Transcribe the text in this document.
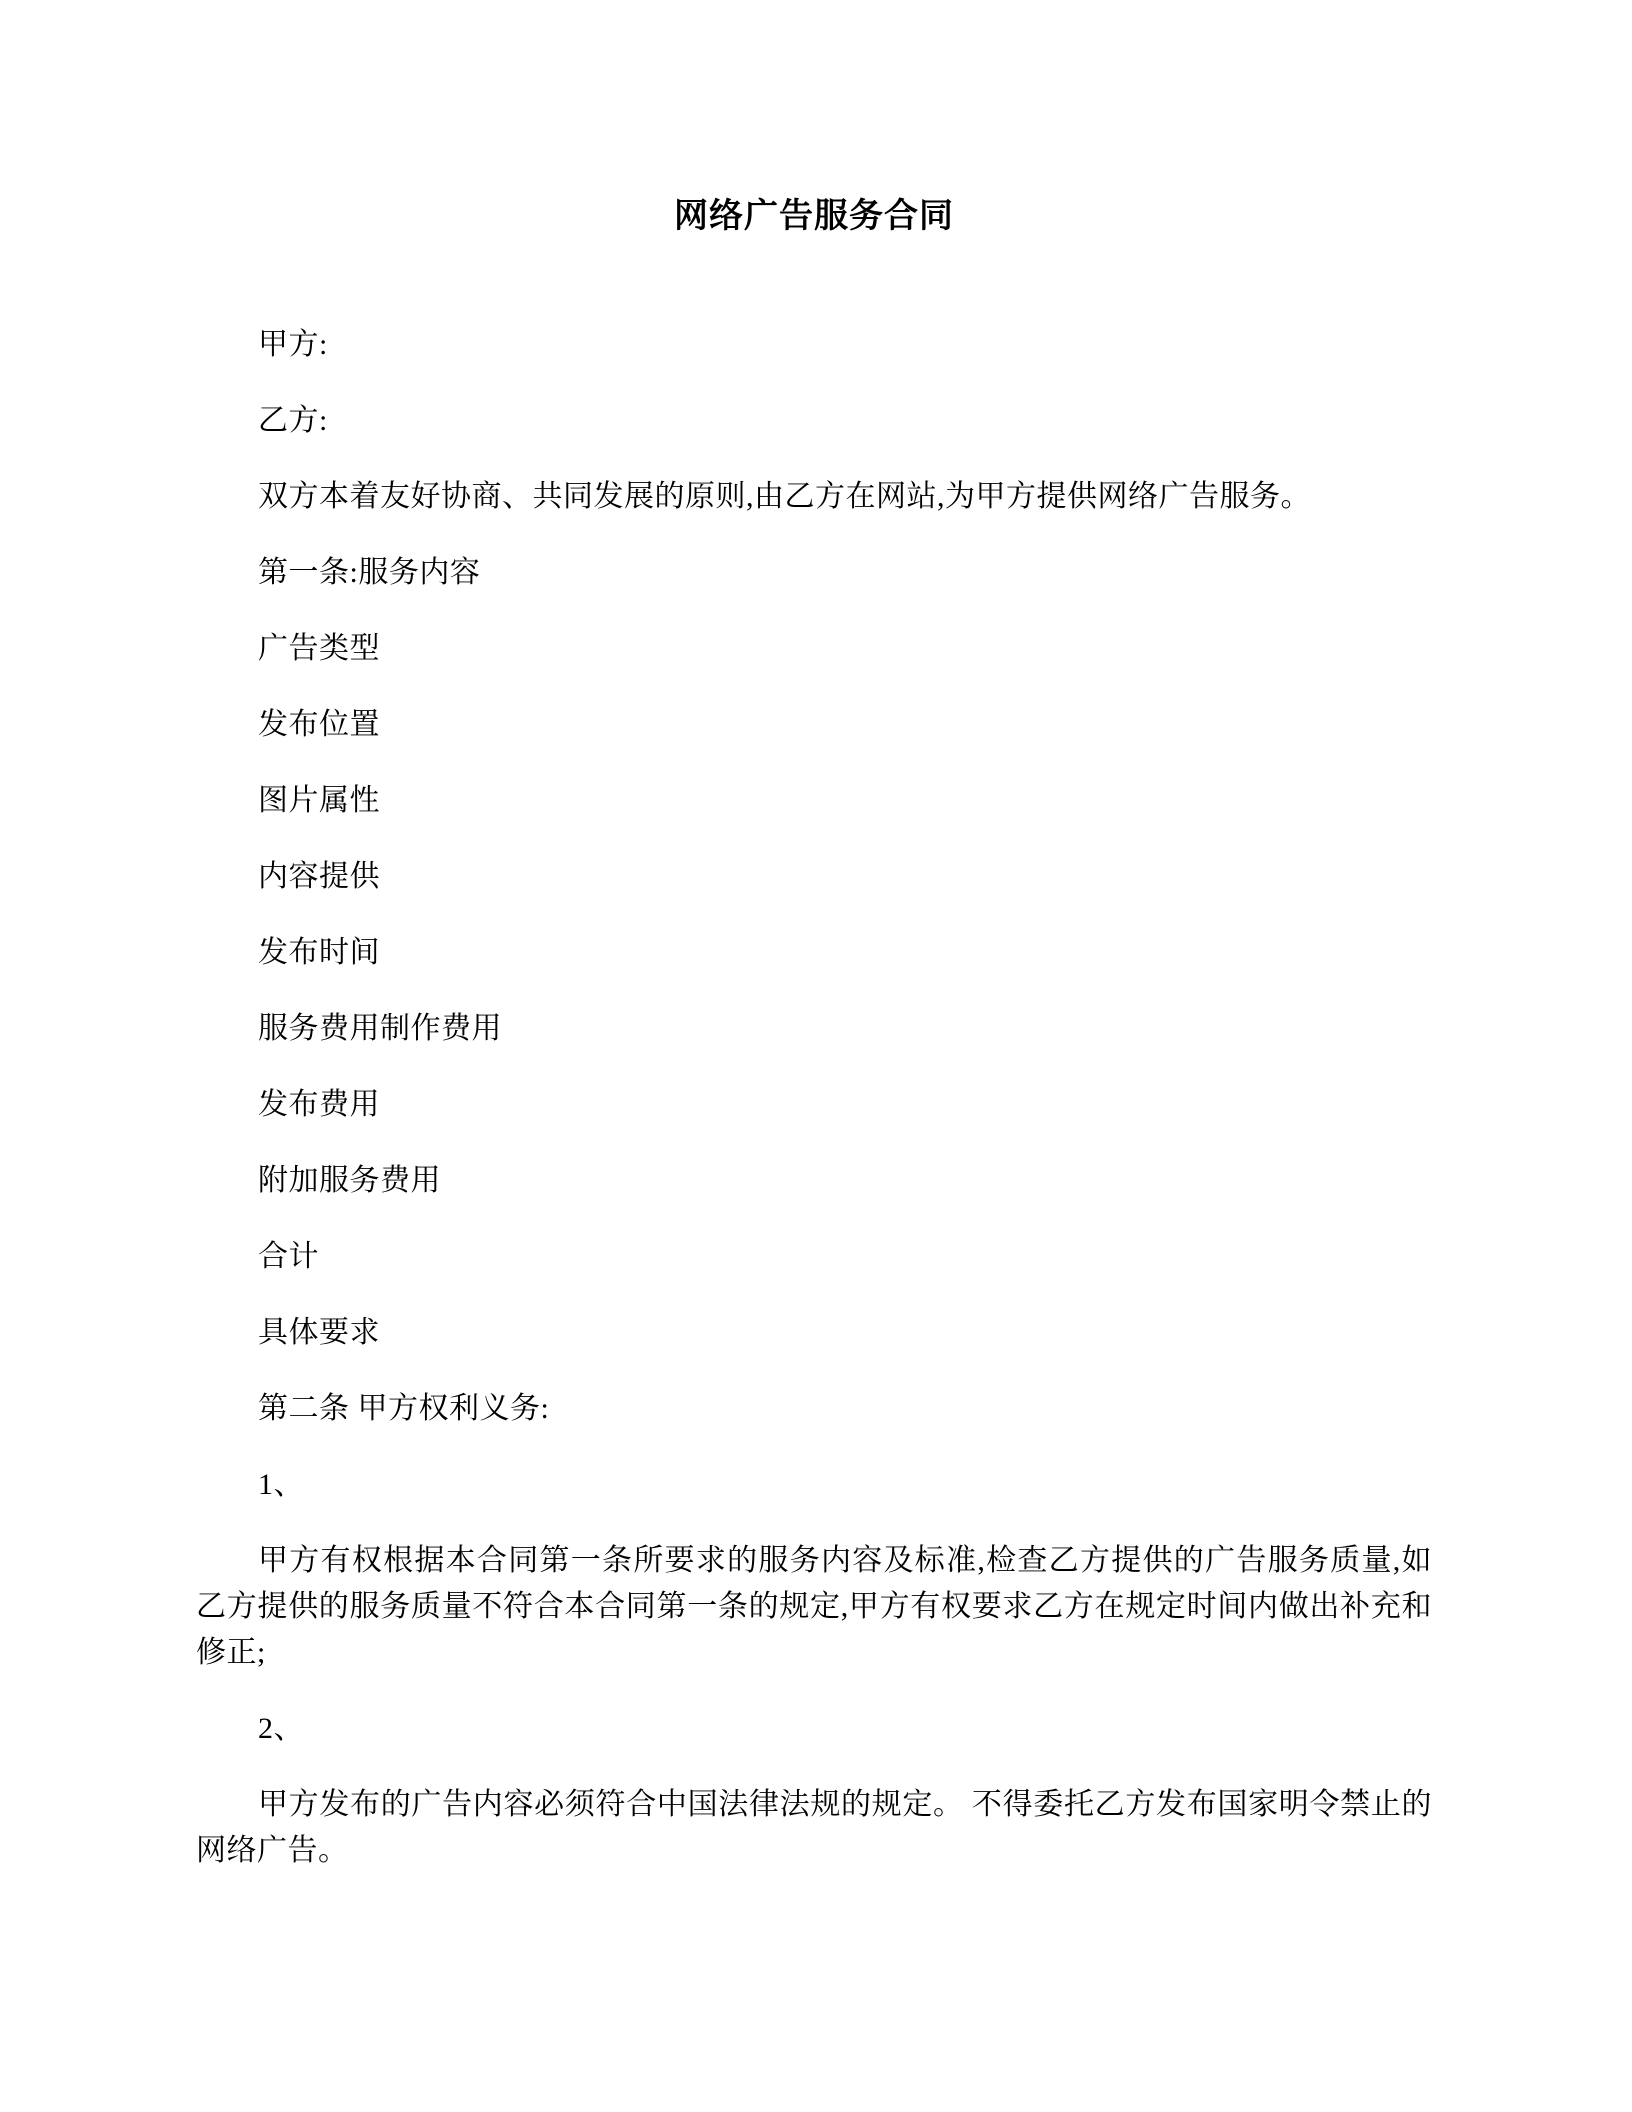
网络广告服务合同

甲方:

乙方:

双方本着友好协商、共同发展的原则,由乙方在网站,为甲方提供网络广告服务。

第一条:服务内容

广告类型

发布位置

图片属性

内容提供

发布时间

服务费用制作费用

发布费用

附加服务费用

合计

具体要求

第二条 甲方权利义务:

1、

甲方有权根据本合同第一条所要求的服务内容及标准,检查乙方提供的广告服务质量,如乙方提供的服务质量不符合本合同第一条的规定,甲方有权要求乙方在规定时间内做出补充和修正;

2、

甲方发布的广告内容必须符合中国法律法规的规定。 不得委托乙方发布国家明令禁止的网络广告。
